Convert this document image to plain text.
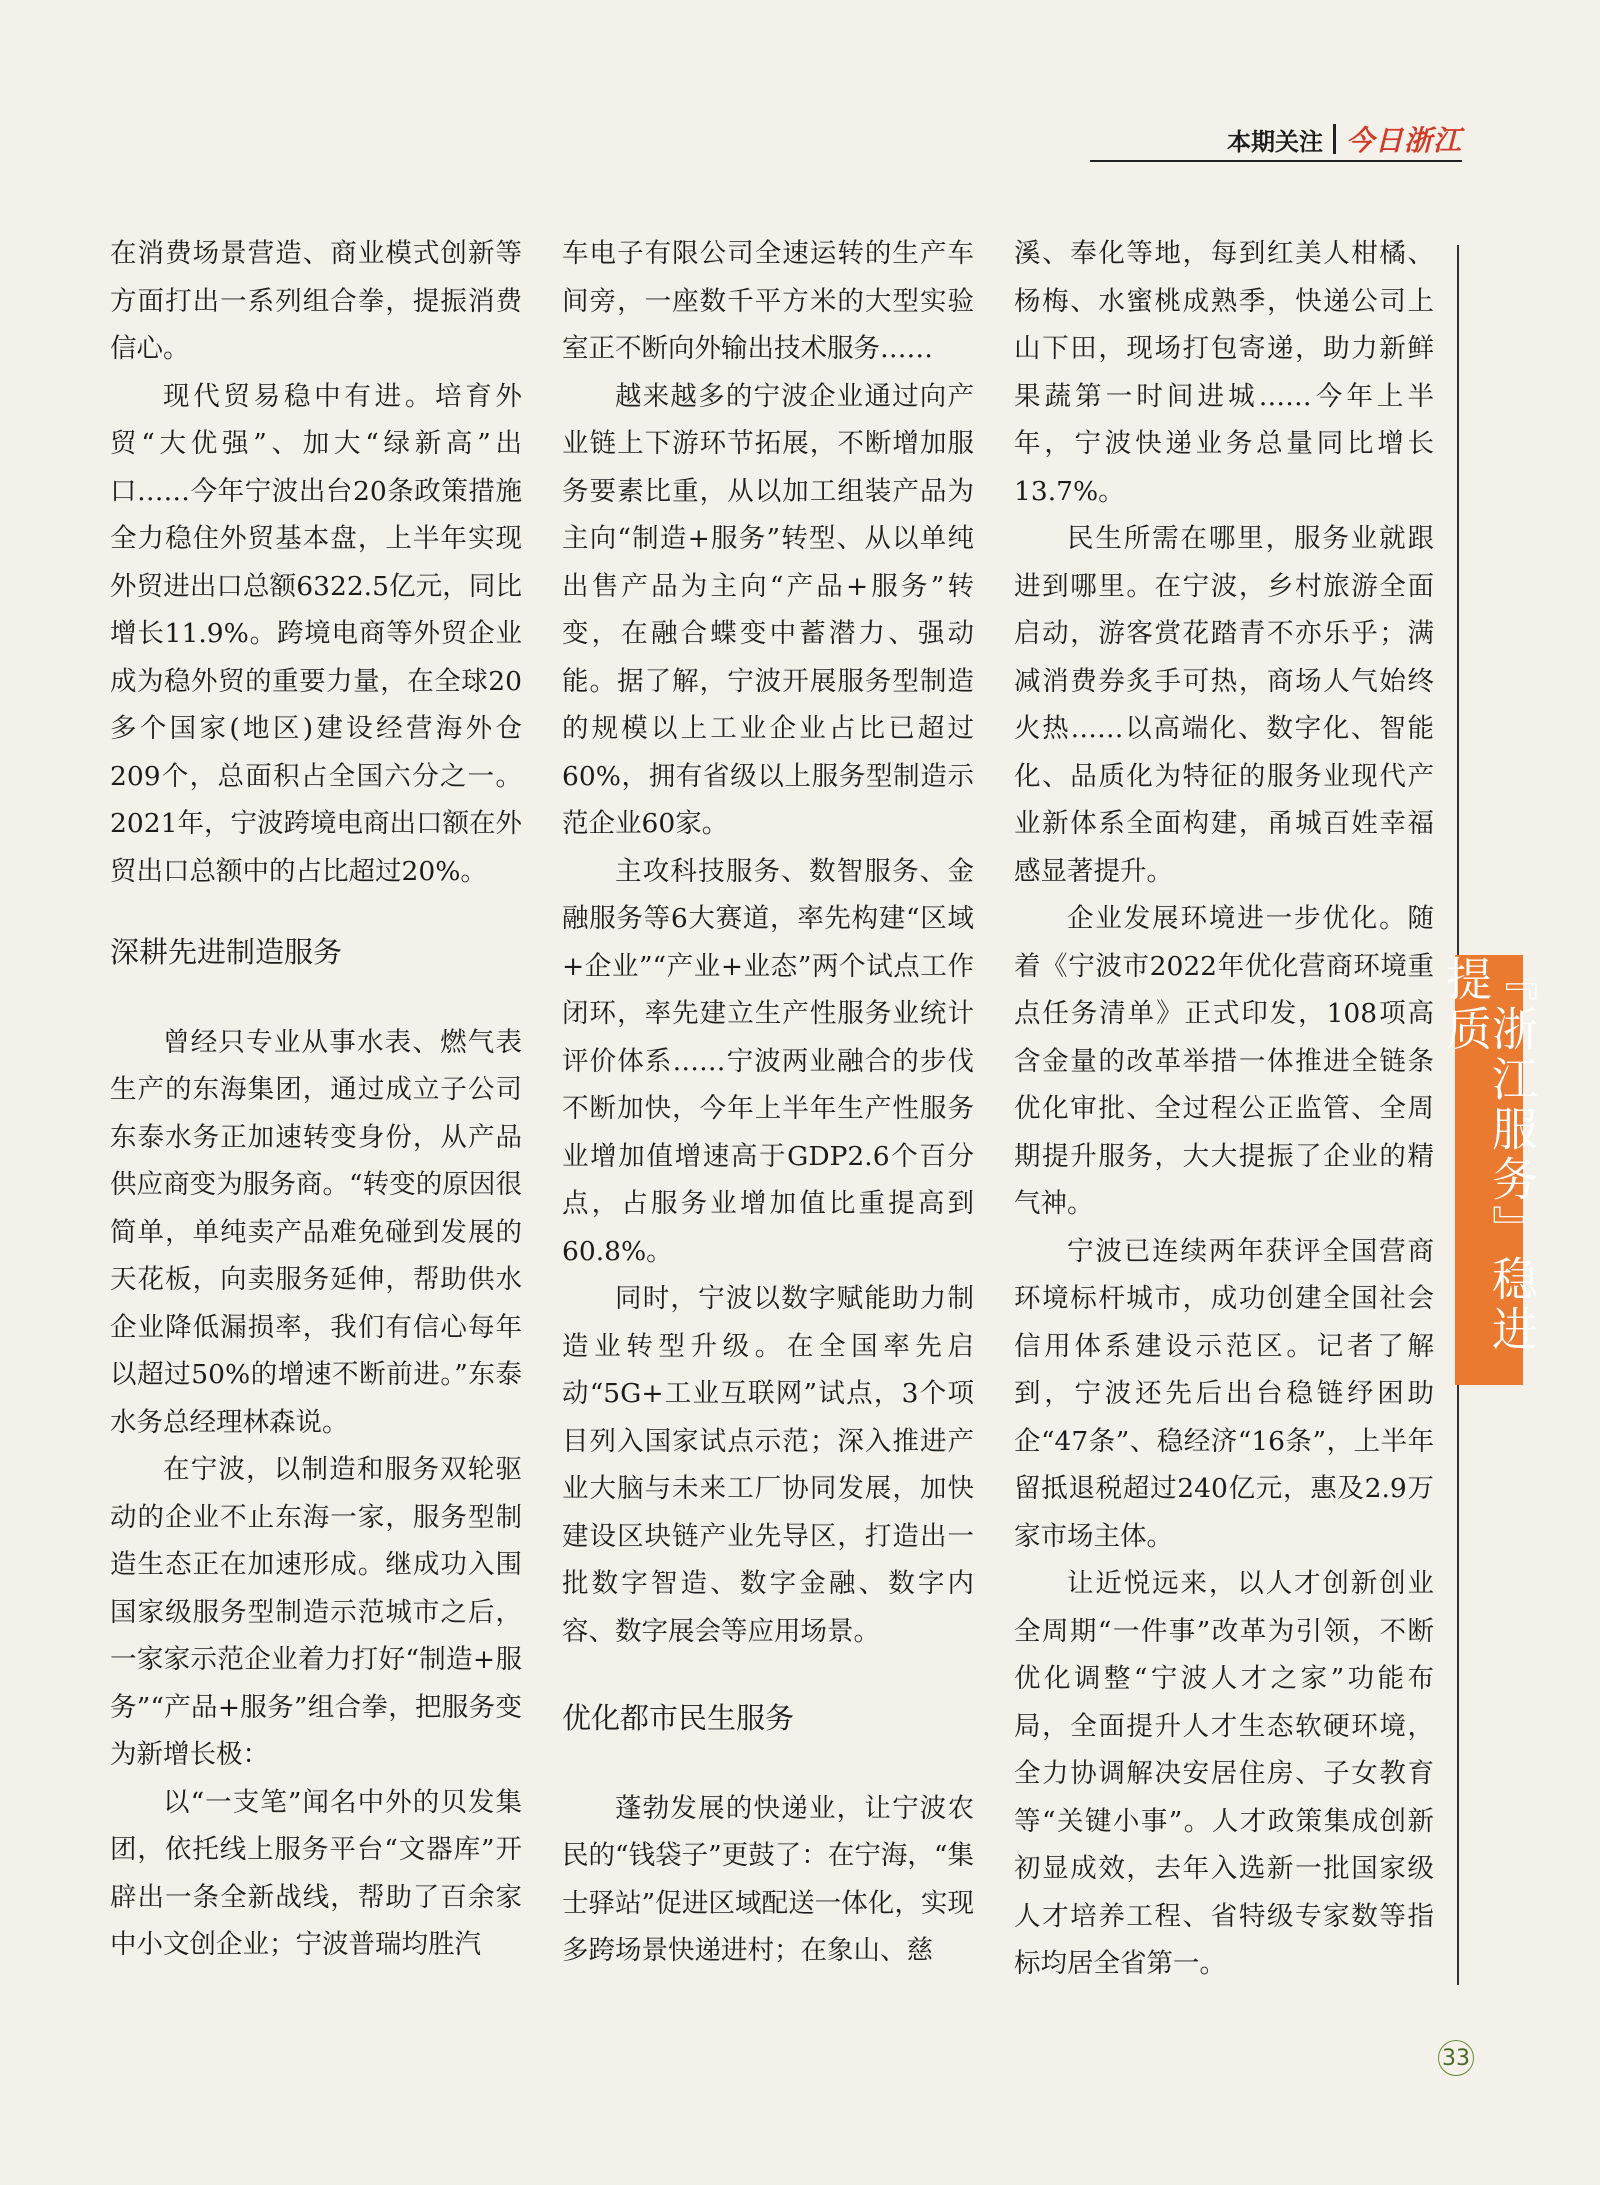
本期关注 今日浙江

在消费场景营造、商业模式创新等方面打出一系列组合拳，提振消费信心。

现代贸易稳中有进。培育外贸“大优强”、加大“绿新高”出口……今年宁波出台20条政策措施全力稳住外贸基本盘，上半年实现外贸进出口总额6322.5亿元，同比增长11.9%。跨境电商等外贸企业成为稳外贸的重要力量，在全球20多个国家(地区)建设经营海外仓209个，总面积占全国六分之一。2021年，宁波跨境电商出口额在外贸出口总额中的占比超过20%。

深耕先进制造服务

曾经只专业从事水表、燃气表生产的东海集团，通过成立子公司东泰水务正加速转变身份，从产品供应商变为服务商。“转变的原因很简单，单纯卖产品难免碰到发展的天花板，向卖服务延伸，帮助供水企业降低漏损率，我们有信心每年以超过50%的增速不断前进。”东泰水务总经理林森说。

在宁波，以制造和服务双轮驱动的企业不止东海一家，服务型制造生态正在加速形成。继成功入围国家级服务型制造示范城市之后，一家家示范企业着力打好“制造+服务”“产品+服务”组合拳，把服务变为新增长极：

以“一支笔”闻名中外的贝发集团，依托线上服务平台“文器库”开辟出一条全新战线，帮助了百余家中小文创企业；宁波普瑞均胜汽

车电子有限公司全速运转的生产车间旁，一座数千平方米的大型实验室正不断向外输出技术服务……

越来越多的宁波企业通过向产业链上下游环节拓展，不断增加服务要素比重，从以加工组装产品为主向“制造+服务”转型、从以单纯出售产品为主向“产品+服务”转变，在融合蝶变中蓄潜力、强动能。据了解，宁波开展服务型制造的规模以上工业企业占比已超过60%，拥有省级以上服务型制造示范企业60家。

主攻科技服务、数智服务、金融服务等6大赛道，率先构建“区域+企业”“产业+业态”两个试点工作闭环，率先建立生产性服务业统计评价体系……宁波两业融合的步伐不断加快，今年上半年生产性服务业增加值增速高于GDP2.6个百分点，占服务业增加值比重提高到60.8%。

同时，宁波以数字赋能助力制造业转型升级。在全国率先启动“5G+工业互联网”试点，3个项目列入国家试点示范；深入推进产业大脑与未来工厂协同发展，加快建设区块链产业先导区，打造出一批数字智造、数字金融、数字内容、数字展会等应用场景。

优化都市民生服务

蓬勃发展的快递业，让宁波农民的“钱袋子”更鼓了：在宁海，“集士驿站”促进区域配送一体化，实现多跨场景快递进村；在象山、慈

溪、奉化等地，每到红美人柑橘、杨梅、水蜜桃成熟季，快递公司上山下田，现场打包寄递，助力新鲜果蔬第一时间进城……今年上半年，宁波快递业务总量同比增长13.7%。

民生所需在哪里，服务业就跟进到哪里。在宁波，乡村旅游全面启动，游客赏花踏青不亦乐乎；满减消费券炙手可热，商场人气始终火热……以高端化、数字化、智能化、品质化为特征的服务业现代产业新体系全面构建，甬城百姓幸福感显著提升。

企业发展环境进一步优化。随着《宁波市2022年优化营商环境重点任务清单》正式印发，108项高含金量的改革举措一体推进全链条优化审批、全过程公正监管、全周期提升服务，大大提振了企业的精气神。

宁波已连续两年获评全国营商环境标杆城市，成功创建全国社会信用体系建设示范区。记者了解到，宁波还先后出台稳链纾困助企“47条”、稳经济“16条”，上半年留抵退税超过240亿元，惠及2.9万家市场主体。

让近悦远来，以人才创新创业全周期“一件事”改革为引领，不断优化调整“宁波人才之家”功能布局，全面提升人才生态软硬环境，全力协调解决安居住房、子女教育等“关键小事”。人才政策集成创新初显成效，去年入选新一批国家级人才培养工程、省特级专家数等指标均居全省第一。

『浙江服务』稳进提质
33
